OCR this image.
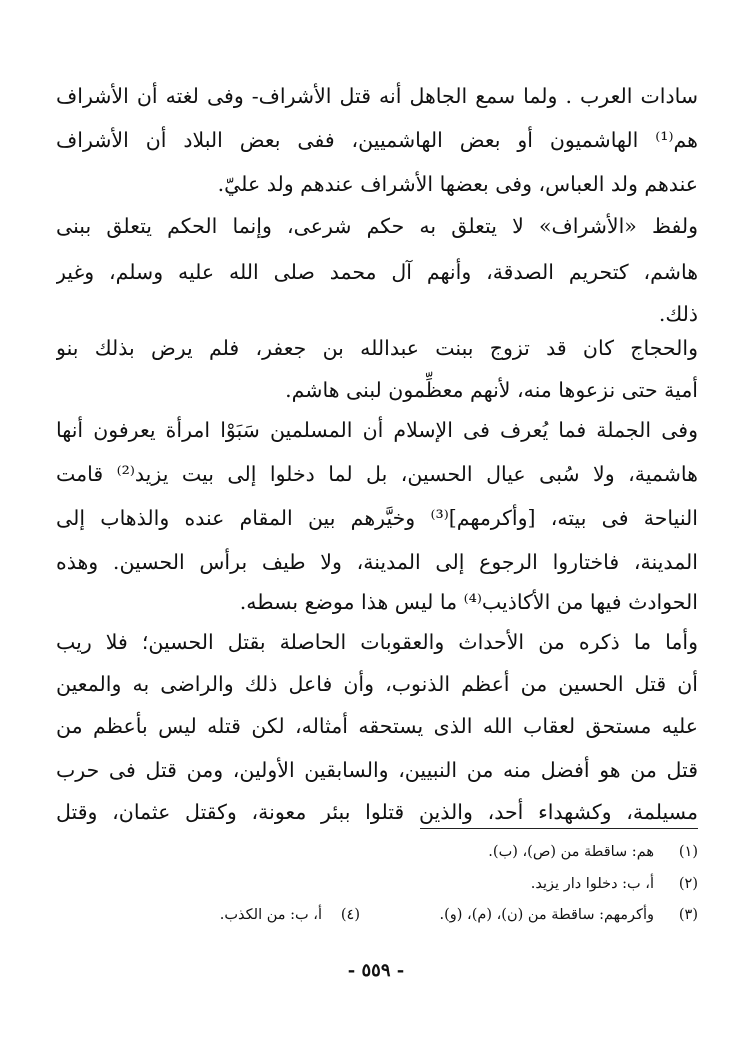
سادات العرب . ولما سمع الجاهل أنه قتل الأشراف- وفى لغته أن الأشراف
هم⁽¹⁾ الهاشميون أو بعض الهاشميين، ففى بعض البلاد أن الأشراف
عندهم ولد العباس، وفى بعضها الأشراف عندهم ولد عليّ.
ولفظ «الأشراف» لا يتعلق به حكم شرعى، وإنما الحكم يتعلق ببنى
هاشم، كتحريم الصدقة، وأنهم آل محمد صلى الله عليه وسلم، وغير
ذلك.
والحجاج كان قد تزوج ببنت عبدالله بن جعفر، فلم يرض بذلك بنو
أمية حتى نزعوها منه، لأنهم معظِّمون لبنى هاشم.
وفى الجملة فما يُعرف فى الإسلام أن المسلمين سَبَوْا امرأة يعرفون أنها
هاشمية، ولا سُبى عيال الحسين، بل لما دخلوا إلى بيت يزيد⁽²⁾ قامت
النياحة فى بيته، [وأكرمهم]⁽³⁾ وخيَّرهم بين المقام عنده والذهاب إلى
المدينة، فاختاروا الرجوع إلى المدينة، ولا طيف برأس الحسين. وهذه
الحوادث فيها من الأكاذيب⁽⁴⁾ ما ليس هذا موضع بسطه.
وأما ما ذكره من الأحداث والعقوبات الحاصلة بقتل الحسين؛ فلا ريب
أن قتل الحسين من أعظم الذنوب، وأن فاعل ذلك والراضى به والمعين
عليه مستحق لعقاب الله الذى يستحقه أمثاله، لكن قتله ليس بأعظم من
قتل من هو أفضل منه من النبيين، والسابقين الأولين، ومن قتل فى حرب
مسيلمة، وكشهداء أحد، والذين قتلوا ببئر معونة، وكقتل عثمان، وقتل
(١)
هم: ساقطة من (ص)، (ب).
(٢)
أ، ب: دخلوا دار يزيد.
(٣)
وأكرمهم: ساقطة من (ن)، (م)، (و).
(٤)
أ، ب: من الكذب.
- ٥٥٩ -
